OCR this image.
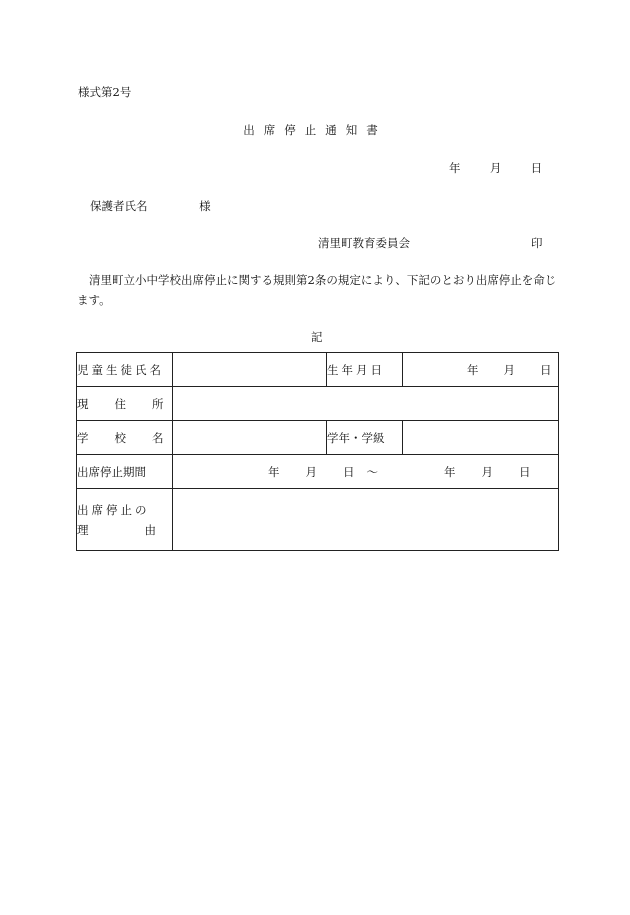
様式第2号
出席停止通知書
年	月	日
保護者氏名	様
清里町教育委員会	印
清里町立小中学校出席停止に関する規則第2条の規定により、下記のとおり出席停止を命じます。
記
児童生徒氏名		生年月日	年 月 日
現住所			
学校名		学年・学級	
出席停止期間	年 月 日 ～ 年 月 日		

出席停止の
理由			
